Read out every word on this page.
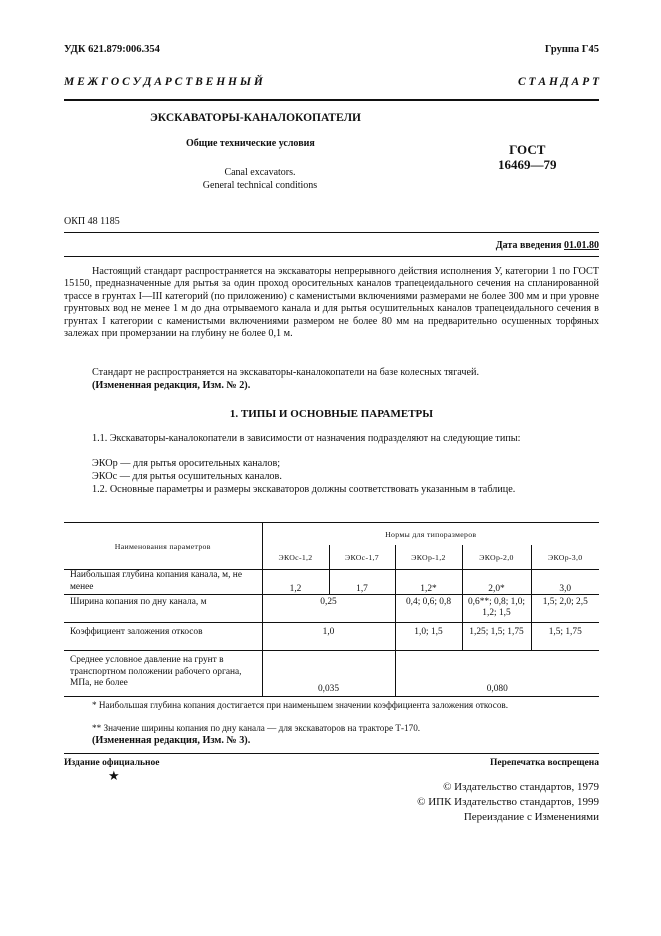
УДК 621.879:006.354	Группа Г45
М Е Ж Г О С У Д А Р С Т В Е Н Н Ы Й	С Т А Н Д А Р Т
ЭКСКАВАТОРЫ-КАНАЛОКОПАТЕЛИ
Общие технические условия
Canal excavators.
General technical conditions
ГОСТ
16469—79
ОКП 48 1185
Дата введения 01.01.80
Настоящий стандарт распространяется на экскаваторы непрерывного действия исполнения У, категории 1 по ГОСТ 15150, предназначенные для рытья за один проход оросительных каналов трапецеидального сечения на спланированной трассе в грунтах I—III категорий (по приложению) с каменистыми включениями размерами не более 300 мм и при уровне грунтовых вод не менее 1 м до дна отрываемого канала и для рытья осушительных каналов трапецеидального сечения в грунтах I категории с каменистыми включениями размером не более 80 мм на предварительно осушенных торфяных залежах при промерзании на глубину не более 0,1 м.
Стандарт не распространяется на экскаваторы-каналокопатели на базе колесных тягачей.
(Измененная редакция, Изм. № 2).
1. ТИПЫ И ОСНОВНЫЕ ПАРАМЕТРЫ
1.1. Экскаваторы-каналокопатели в зависимости от назначения подразделяют на следующие типы:
ЭКОр — для рытья оросительных каналов;
ЭКОс — для рытья осушительных каналов.
1.2. Основные параметры и размеры экскаваторов должны соответствовать указанным в таблице.
Наименования параметров	Нормы для типоразмеров				
	ЭКОс-1,2	ЭКОс-1,7	ЭКОр-1,2	ЭКОр-2,0	ЭКОр-3,0
Наибольшая глубина копания канала, м, не менее	1,2	1,7	1,2*	2,0*	3,0
Ширина копания по дну канала, м	0,25		0,4; 0,6; 0,8	0,6**; 0,8; 1,0; 1,2; 1,5	1,5; 2,0; 2,5
Коэффициент заложения откосов	1,0		1,0; 1,5	1,25; 1,5; 1,75	1,5; 1,75
Среднее условное давление на грунт в транспортном положении рабочего органа, МПа, не более	0,035		0,080		
* Наибольшая глубина копания достигается при наименьшем значении коэффициента заложения откосов.
** Значение ширины копания по дну канала — для экскаваторов на тракторе Т-170.
(Измененная редакция, Изм. № 3).
Издание официальное
★
Перепечатка воспрещена
© Издательство стандартов, 1979
© ИПК Издательство стандартов, 1999
Переиздание с Изменениями
